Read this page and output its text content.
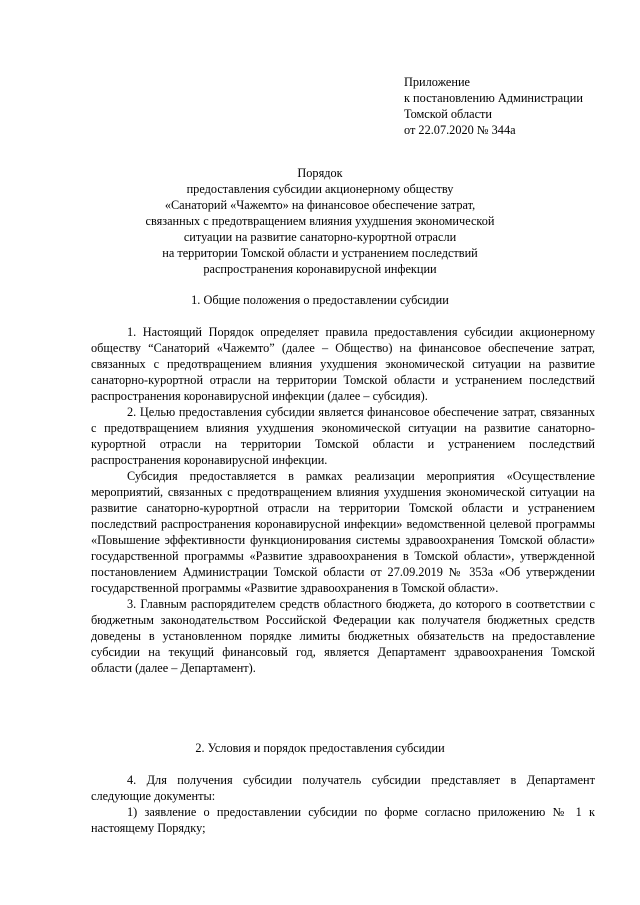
Приложение
к постановлению Администрации
Томской области
от 22.07.2020 № 344а
Порядок
предоставления субсидии акционерному обществу
«Санаторий «Чажемто» на финансовое обеспечение затрат,
связанных с предотвращением влияния ухудшения экономической
ситуации на развитие санаторно-курортной отрасли
на территории Томской области и устранением последствий
распространения коронавирусной инфекции
1. Общие положения о предоставлении субсидии

1. Настоящий Порядок определяет правила предоставления субсидии акционерному обществу “Санаторий «Чажемто” (далее – Общество) на финансовое обеспечение затрат, связанных с предотвращением влияния ухудшения экономической ситуации на развитие санаторно-курортной отрасли на территории Томской области и устранением последствий распространения коронавирусной инфекции (далее – субсидия).

2. Целью предоставления субсидии является финансовое обеспечение затрат, связанных с предотвращением влияния ухудшения экономической ситуации на развитие санаторно-курортной отрасли на территории Томской области и устранением последствий распространения коронавирусной инфекции.

Субсидия предоставляется в рамках реализации мероприятия «Осуществление мероприятий, связанных с предотвращением влияния ухудшения экономической ситуации на развитие санаторно-курортной отрасли на территории Томской области и устранением последствий распространения коронавирусной инфекции» ведомственной целевой программы «Повышение эффективности функционирования системы здравоохранения Томской области» государственной программы «Развитие здравоохранения в Томской области», утвержденной постановлением Администрации Томской области от 27.09.2019 № 353а «Об утверждении государственной программы «Развитие здравоохранения в Томской области».

3. Главным распорядителем средств областного бюджета, до которого в соответствии с бюджетным законодательством Российской Федерации как получателя бюджетных средств доведены в установленном порядке лимиты бюджетных обязательств на предоставление субсидии на текущий финансовый год, является Департамент здравоохранения Томской области (далее – Департамент).

2. Условия и порядок предоставления субсидии

4. Для получения субсидии получатель субсидии представляет в Департамент следующие документы:

1) заявление о предоставлении субсидии по форме согласно приложению № 1 к настоящему Порядку;
